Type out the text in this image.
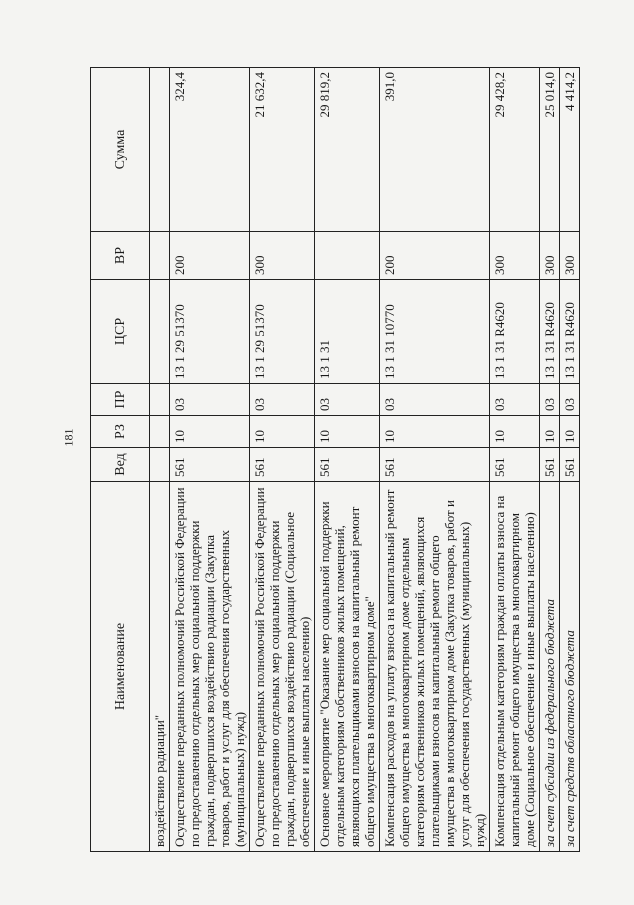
181
Наименование	Вед	РЗ	ПР	ЦСР	ВР	Сумма
воздействию радиации"						
Осуществление переданных полномочий Российской Федерации по предоставлению отдельных мер социальной поддержки граждан, подвергшихся воздействию радиации (Закупка товаров, работ и услуг для обеспечения государственных (муниципальных) нужд)	561	10	03	13 1 29 51370	200	324,4
Осуществление переданных полномочий Российской Федерации по предоставлению отдельных мер социальной поддержки граждан, подвергшихся воздействию радиации (Социальное обеспечение и иные выплаты населению)	561	10	03	13 1 29 51370	300	21 632,4
Основное мероприятие "Оказание мер социальной поддержки отдельным категориям собственников жилых помещений, являющихся плательщиками взносов на капитальный ремонт общего имущества в многоквартирном доме"	561	10	03	13 1 31		29 819,2
Компенсация расходов на уплату взноса на капитальный ремонт общего имущества в многоквартирном доме отдельным категориям собственников жилых помещений, являющихся плательщиками взносов на капитальный ремонт общего имущества в многоквартирном доме (Закупка товаров, работ и услуг для обеспечения государственных (муниципальных) нужд)	561	10	03	13 1 31 10770	200	391,0
Компенсация отдельным категориям граждан оплаты взноса на капитальный ремонт общего имущества в многоквартирном доме (Социальное обеспечение и иные выплаты населению)	561	10	03	13 1 31 R4620	300	29 428,2
за счет субсидии из федерального бюджета	561	10	03	13 1 31 R4620	300	25 014,0
за счет средств областного бюджета	561	10	03	13 1 31 R4620	300	4 414,2
